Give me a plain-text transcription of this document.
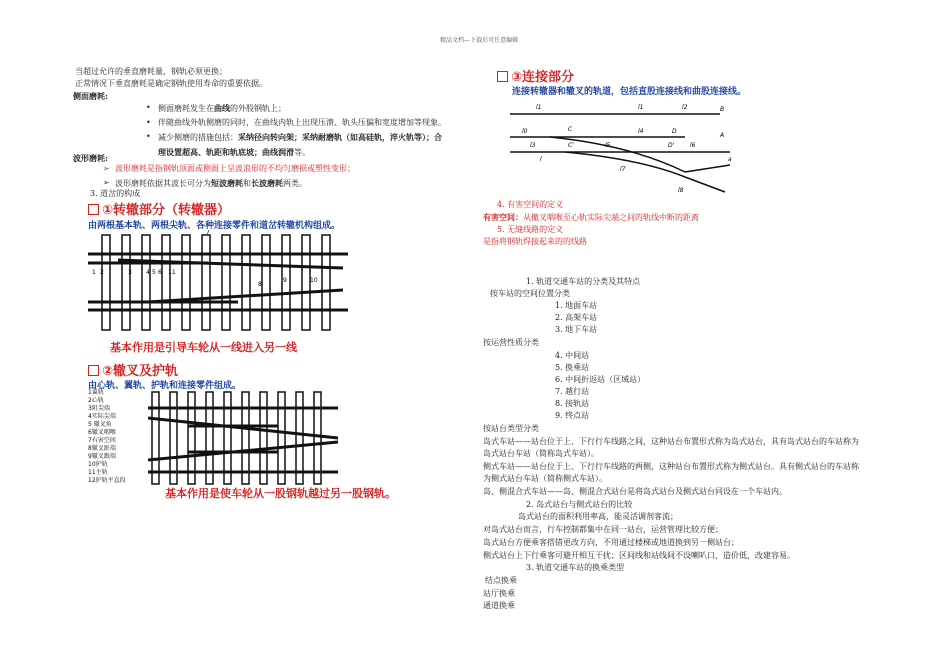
精品文档---下载后可任意编辑
当超过允许的垂直磨耗量，钢轨必须更换；
正常情况下垂直磨耗是确定钢轨使用寿命的重要依据。
侧面磨耗:
• 侧面磨耗发生在曲线的外股钢轨上；
• 伴随曲线外轨侧磨的同时，在曲线内轨上出现压溃、轨头压偏和宽度增加等现象。
• 减少侧磨的措施包括：采纳径向转向架；采纳耐磨轨（如高硅轨，淬火轨等）；合
理设置超高、轨距和轨底坡；曲线润滑等。
波形磨耗:
➢ 波形磨耗是指钢轨顶面或侧面上呈波浪形的不均匀磨损或塑性变形；
➢ 波形磨耗依据其波长可分为短波磨耗和长波磨耗两类。
3. 道岔的构成
①转辙部分（转辙器）
由两根基本轨、两根尖轨、各种连接零件和道岔转辙机构组成。
1 2	3 4 5 6
7
8
9	10
11
基本作用是引导车轮从一线进入另一线
②辙叉及护轨
由心轨、翼轨、护轨和连接零件组成。
1翼轨
2心轨
3阻尖端
4实际尖端
5 辙叉角
6辙叉咽喉
7有害空间
8辙叉趾端
9辙叉跟端
10护轨
11主轨
12护轨平直段
基本作用是使车轮从一股钢轨越过另一股钢轨。
③连接部分
连接转辙器和辙叉的轨道，包括直股连接线和曲股连接线。
l1	l1	l2	B
A
C
l0
C'
l3
l4
D'
D
l5	l6
l
l7
l8
a
4. 有害空间的定义
有害空间：从辙叉咽喉至心轨实际尖端之间的轨线中断的距离
5. 无缝线路的定义
是指将钢轨焊接起来的的线路
1. 轨道交通车站的分类及其特点
按车站的空间位置分类
1. 地面车站
2. 高架车站
3. 地下车站
按运营性质分类
4. 中间站
5. 换乘站
6. 中间折返站（区域站）
7. 越行站
8. 接轨站
9. 终点站
按站台类型分类
岛式车站——站台位于上、下行行车线路之间，这种站台布置形式称为岛式站台，具有岛式站台的车站称为
岛式站台车站（简称岛式车站）。
侧式车站——站台位于上、下行行车线路的两侧，这种站台布置形式称为侧式站台。具有侧式站台的车站称
为侧式站台车站（简称侧式车站）。
岛、侧混合式车站——岛、侧混合式站台是将岛式站台及侧式站台同设在一个车站内。
2. 岛式站台与侧式站台的比较
岛式站台的面积利用率高，能灵活调剂客流；
对岛式站台而言，行车控制都集中在同一站台，运营管理比较方便；
岛式站台方便乘客搭错更改方向，不用通过楼梯或地道换到另一侧站台；
侧式站台上下行乘客可避开相互干扰；区间线和站线间不设喇叭口，造价低，改建容易。
3. 轨道交通车站的换乘类型
结点换乘
站厅换乘
通道换乘
